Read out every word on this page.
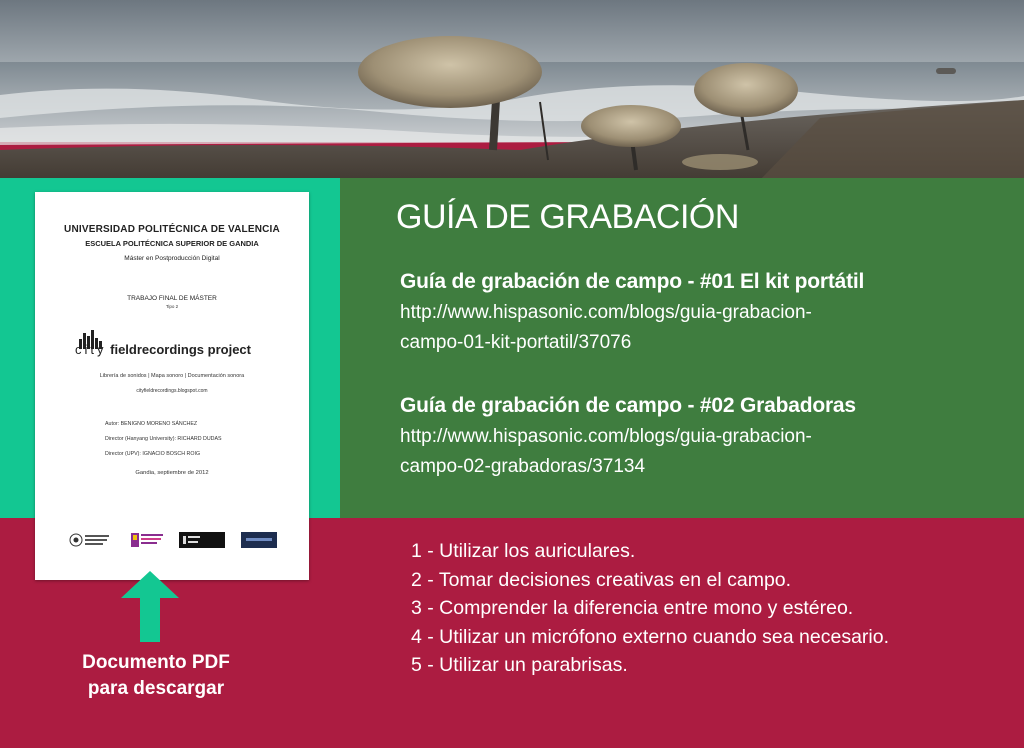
UNIVERSIDAD POLITÉCNICA DE VALENCIA
ESCUELA POLITÉCNICA SUPERIOR DE GANDIA
Máster en Postproducción Digital
TRABAJO FINAL DE MÁSTER
Tipo 2
city fieldrecordings project
Librería de sonidos | Mapa sonoro | Documentación sonora
cityfieldrecordings.blogspot.com
Autor: BENIGNO MORENO SÁNCHEZ
Director (Hanyang University): RICHARD DUDAS
Director (UPV): IGNACIO BOSCH ROIG
Gandia, septiembre de 2012
Documento PDF
para descargar
GUÍA DE GRABACIÓN
Guía de grabación de campo - #01 El kit portátil
http://www.hispasonic.com/blogs/guia-grabacion-
campo-01-kit-portatil/37076
Guía de grabación de campo - #02 Grabadoras
http://www.hispasonic.com/blogs/guia-grabacion-
campo-02-grabadoras/37134
1 - Utilizar los auriculares.
2 - Tomar decisiones creativas en el campo.
3 - Comprender la diferencia entre mono y estéreo.
4 - Utilizar un micrófono externo cuando sea necesario.
5 - Utilizar un parabrisas.
